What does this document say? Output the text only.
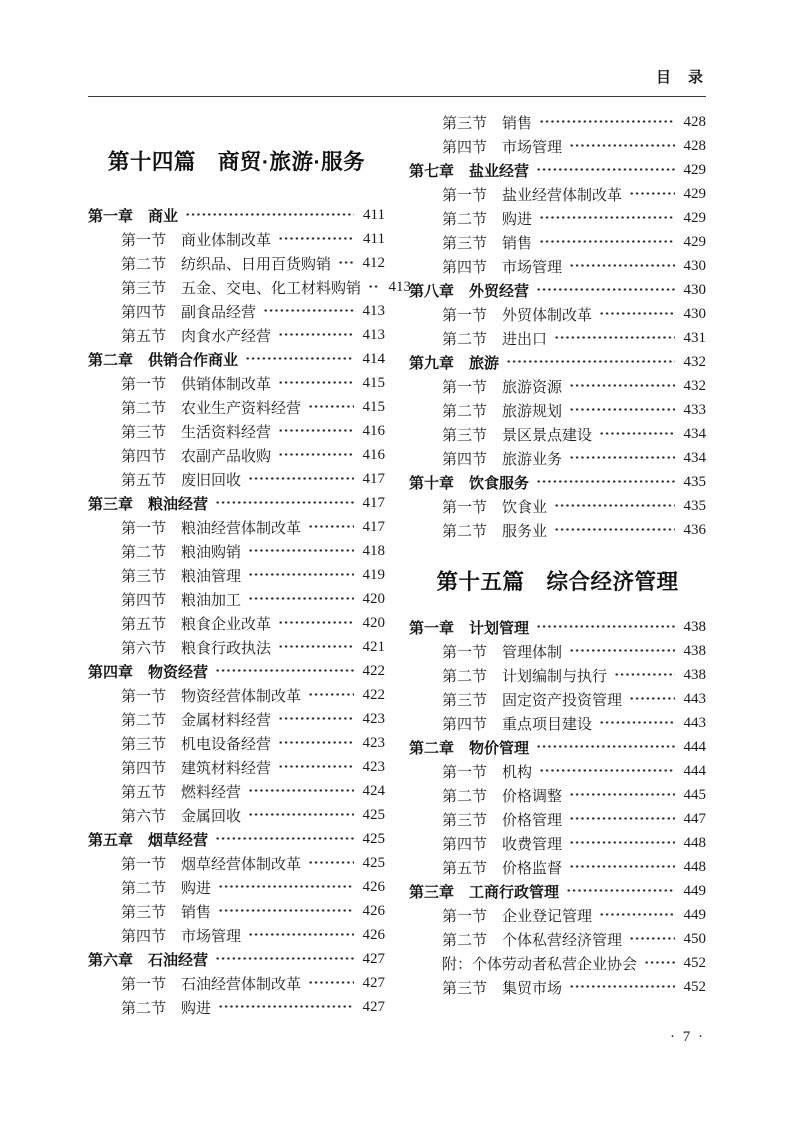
目　录
第十四篇　商贸·旅游·服务
第一章　商业	411
第一节　商业体制改革	411
第二节　纺织品、日用百货购销 412
第三节　五金、交电、化工材料购销 413
第四节　副食品经营	413
第五节　肉食水产经营	413
第二章　供销合作商业	414
第一节　供销体制改革	415
第二节　农业生产资料经营	415
第三节　生活资料经营	416
第四节　农副产品收购	416
第五节　废旧回收	417
第三章　粮油经营	417
第一节　粮油经营体制改革	417
第二节　粮油购销	418
第三节　粮油管理	419
第四节　粮油加工	420
第五节　粮食企业改革	420
第六节　粮食行政执法	421
第四章　物资经营	422
第一节　物资经营体制改革	422
第二节　金属材料经营	423
第三节　机电设备经营	423
第四节　建筑材料经营	423
第五节　燃料经营	424
第六节　金属回收	425
第五章　烟草经营	425
第一节　烟草经营体制改革	425
第二节　购进	426
第三节　销售	426
第四节　市场管理	426
第六章　石油经营	427
第一节　石油经营体制改革	427
第二节　购进	427
第三节　销售	428
第四节　市场管理	428
第七章　盐业经营	429
第一节　盐业经营体制改革	429
第二节　购进	429
第三节　销售	429
第四节　市场管理	430
第八章　外贸经营	430
第一节　外贸体制改革	430
第二节　进出口	431
第九章　旅游	432
第一节　旅游资源	432
第二节　旅游规划	433
第三节　景区景点建设	434
第四节　旅游业务	434
第十章　饮食服务	435
第一节　饮食业	435
第二节　服务业	436
第十五篇　综合经济管理
第一章　计划管理	438
第一节　管理体制	438
第二节　计划编制与执行	438
第三节　固定资产投资管理	443
第四节　重点项目建设	443
第二章　物价管理	444
第一节　机构	444
第二节　价格调整	445
第三节　价格管理	447
第四节　收费管理	448
第五节　价格监督	448
第三章　工商行政管理	449
第一节　企业登记管理	449
第二节　个体私营经济管理	450
附：个体劳动者私营企业协会	452
第三节　集贸市场	452
· 7 ·
